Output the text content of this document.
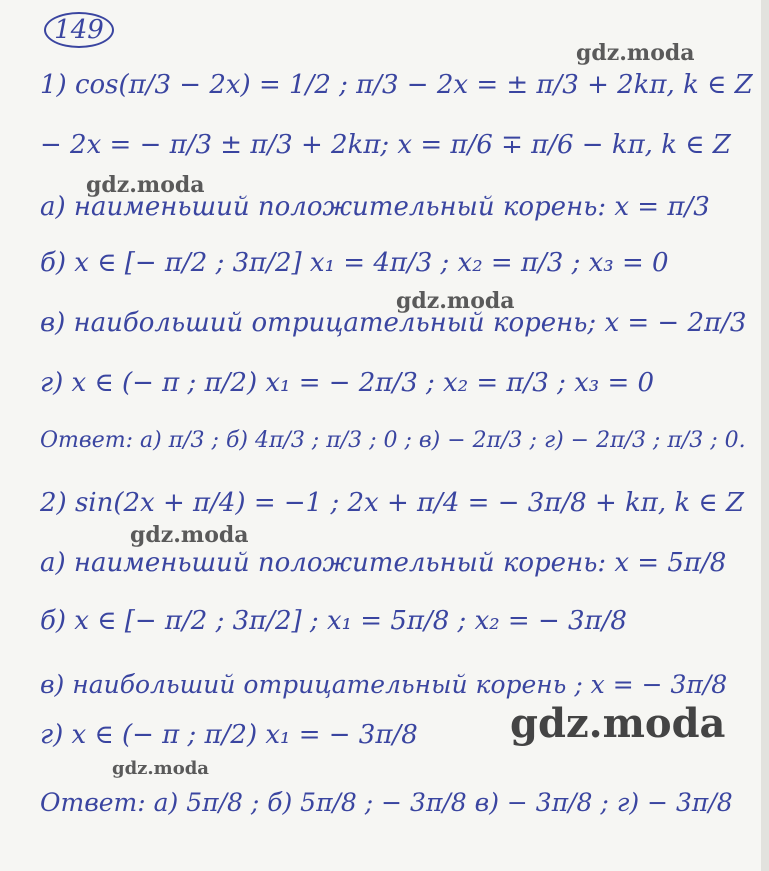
149
1) cos(π/3 − 2x) = 1/2 ; π/3 − 2x = ± π/3 + 2kπ, k ∈ Z
− 2x = − π/3 ± π/3 + 2kπ; x = π/6 ∓ π/6 − kπ, k ∈ Z
а) наименьший положительный корень: x = π/3
б) x ∈ [− π/2 ; 3π/2] x₁ = 4π/3 ; x₂ = π/3 ; x₃ = 0
в) наибольший отрицательный корень; x = − 2π/3
г) x ∈ (− π ; π/2) x₁ = − 2π/3 ; x₂ = π/3 ; x₃ = 0
Ответ: а) π/3 ; б) 4π/3 ; π/3 ; 0 ; в) − 2π/3 ; г) − 2π/3 ; π/3 ; 0.
2) sin(2x + π/4) = −1 ; 2x + π/4 = − 3π/8 + kπ, k ∈ Z
а) наименьший положительный корень: x = 5π/8
б) x ∈ [− π/2 ; 3π/2] ; x₁ = 5π/8 ; x₂ = − 3π/8
в) наибольший отрицательный корень ; x = − 3π/8
г) x ∈ (− π ; π/2) x₁ = − 3π/8
Ответ: а) 5π/8 ; б) 5π/8 ; − 3π/8 в) − 3π/8 ; г) − 3π/8
gdz.moda
gdz.moda
gdz.moda
gdz.moda
gdz.moda
gdz.moda
